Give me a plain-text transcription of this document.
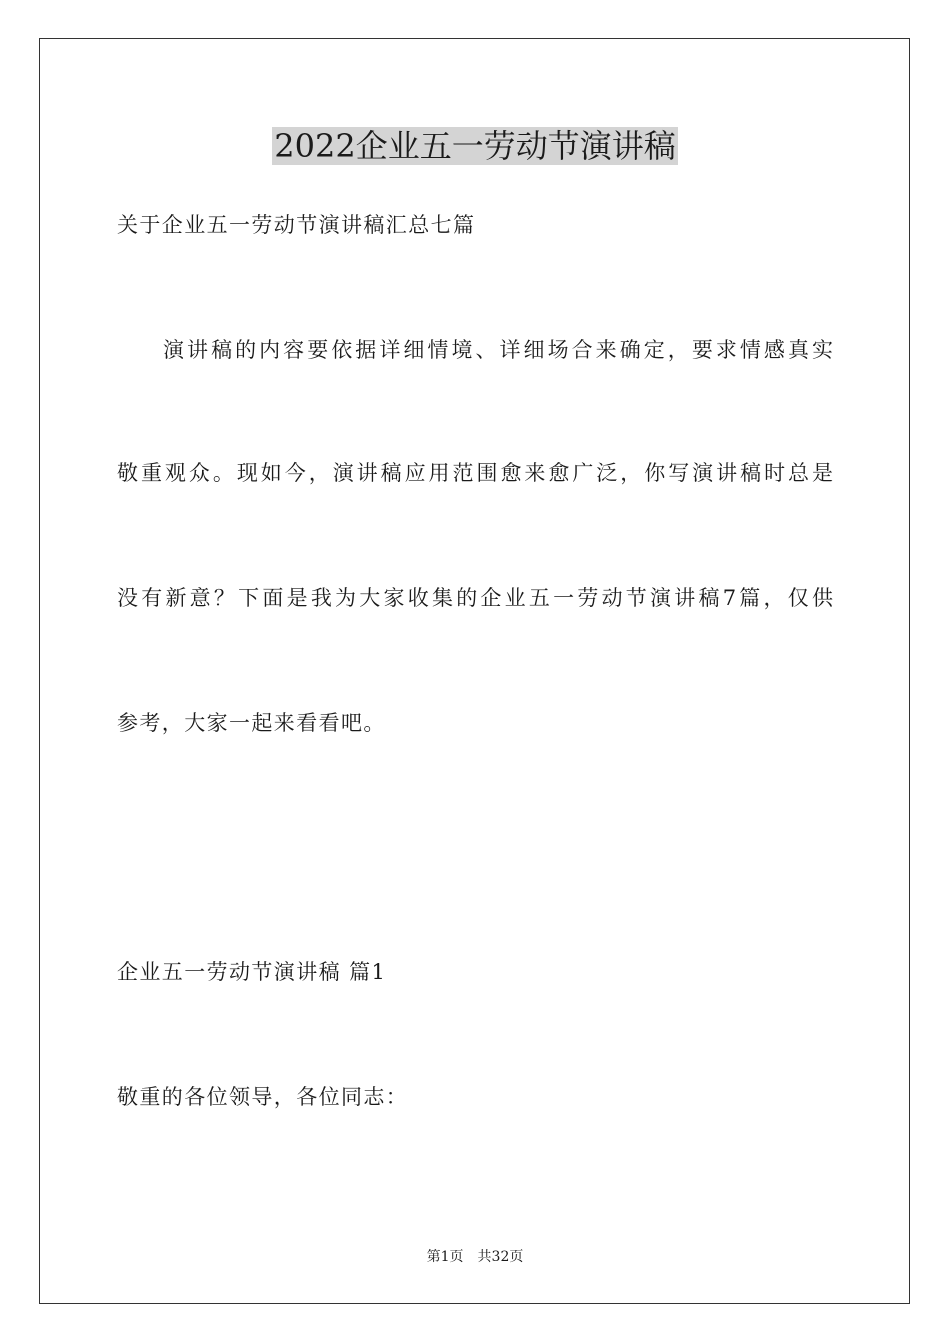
2022企业五一劳动节演讲稿
关于企业五一劳动节演讲稿汇总七篇
演讲稿的内容要依据详细情境、详细场合来确定，要求情感真实
敬重观众。现如今，演讲稿应用范围愈来愈广泛，你写演讲稿时总是
没有新意？下面是我为大家收集的企业五一劳动节演讲稿7篇，仅供
参考，大家一起来看看吧。
企业五一劳动节演讲稿 篇1
敬重的各位领导，各位同志：
第1页　共32页
